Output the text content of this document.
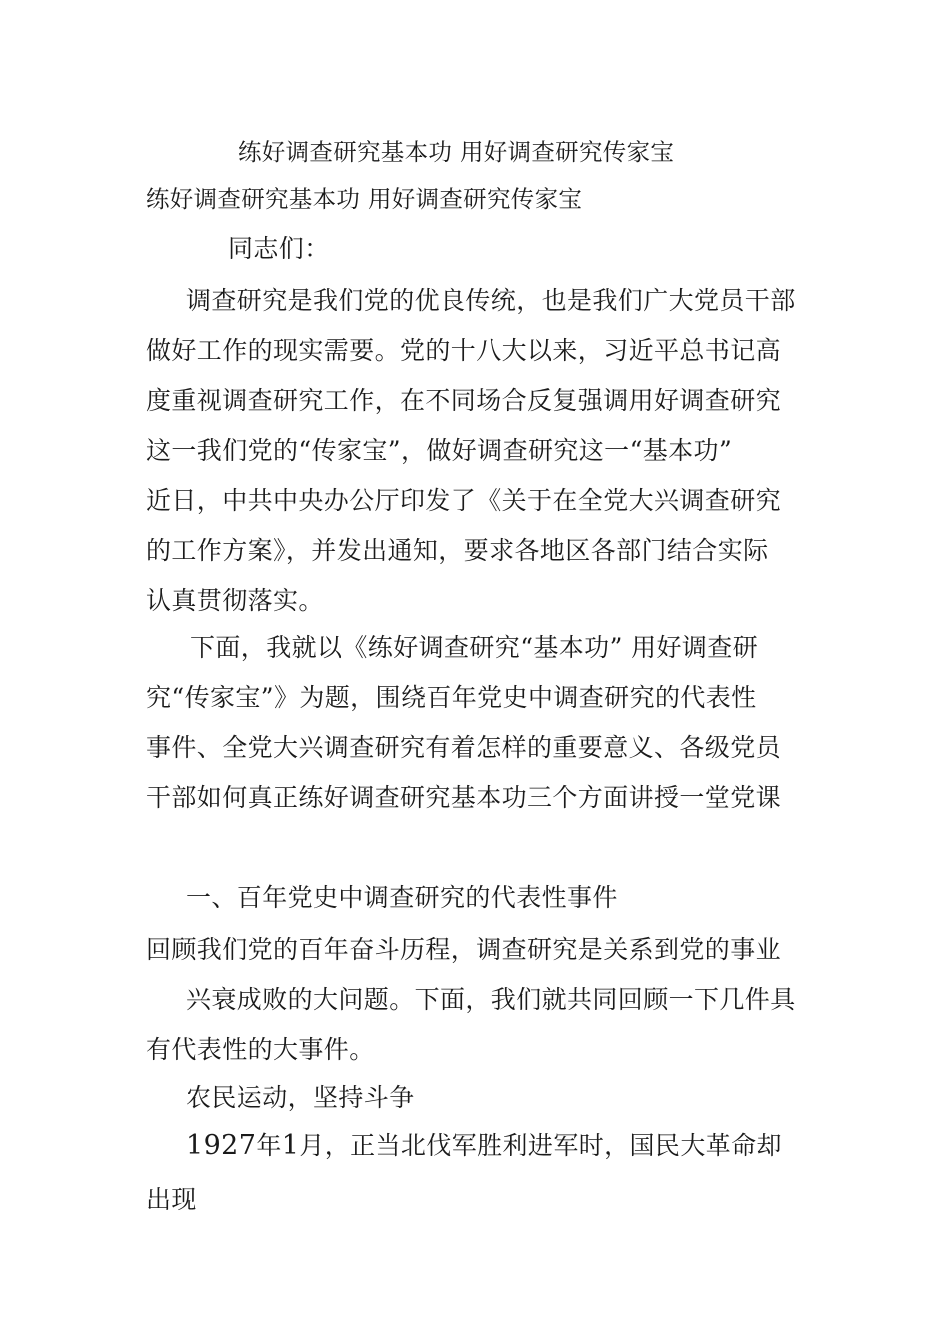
练好调查研究基本功 用好调查研究传家宝
练好调查研究基本功 用好调查研究传家宝
同志们：
调查研究是我们党的优良传统，也是我们广大党员干部
做好工作的现实需要。党的十八大以来，习近平总书记高
度重视调查研究工作，在不同场合反复强调用好调查研究
这一我们党的“传家宝”，做好调查研究这一“基本功”
近日，中共中央办公厅印发了《关于在全党大兴调查研究
的工作方案》，并发出通知，要求各地区各部门结合实际
认真贯彻落实。
下面，我就以《练好调查研究“基本功” 用好调查研
究“传家宝”》为题，围绕百年党史中调查研究的代表性
事件、全党大兴调查研究有着怎样的重要意义、各级党员
干部如何真正练好调查研究基本功三个方面讲授一堂党课
一、百年党史中调查研究的代表性事件
回顾我们党的百年奋斗历程，调查研究是关系到党的事业
兴衰成败的大问题。下面，我们就共同回顾一下几件具
有代表性的大事件。
农民运动，坚持斗争
1927年1月，正当北伐军胜利进军时，国民大革命却
出现
